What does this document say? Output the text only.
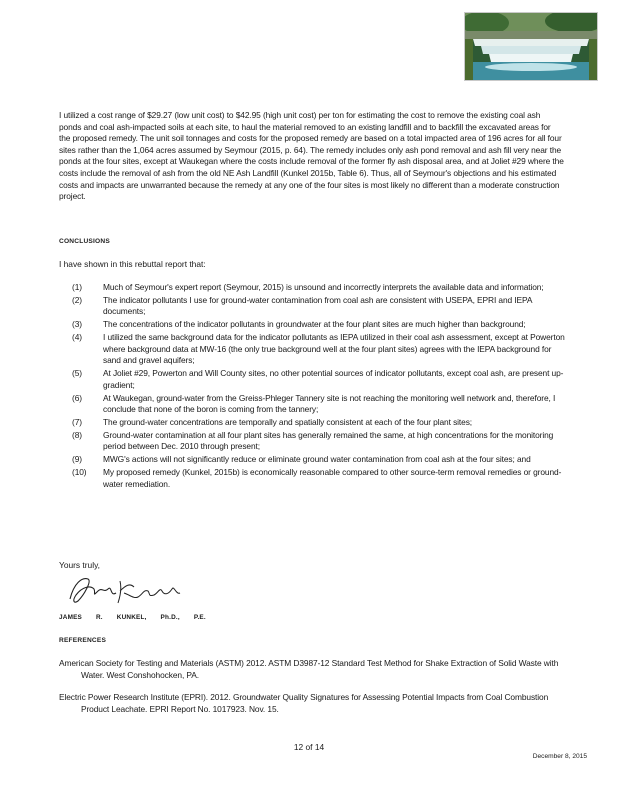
I utilized a cost range of $29.27 (low unit cost) to $42.95 (high unit cost) per ton for estimating the cost to remove the existing coal ash ponds and coal ash-impacted soils at each site, to haul the material removed to an existing landfill and to backfill the excavated areas for the proposed remedy. The unit soil tonnages and costs for the proposed remedy are based on a total impacted area of 196 acres for all four sites rather than the 1,064 acres assumed by Seymour (2015, p. 64). The remedy includes only ash pond removal and ash fill very near the ponds at the four sites, except at Waukegan where the costs include removal of the former fly ash disposal area, and at Joliet #29 where the costs include the removal of ash from the old NE Ash Landfill (Kunkel 2015b, Table 6). Thus, all of Seymour's objections and his estimated costs and impacts are unwarranted because the remedy at any one of the four sites is most likely no different than a moderate construction project.

CONCLUSIONS
I have shown in this rebuttal report that:
(1)	Much of Seymour's expert report (Seymour, 2015) is unsound and incorrectly interprets the available data and information;
(2)	The indicator pollutants I use for ground-water contamination from coal ash are consistent with USEPA, EPRI and IEPA documents;
(3)	The concentrations of the indicator pollutants in groundwater at the four plant sites are much higher than background;
(4)	I utilized the same background data for the indicator pollutants as IEPA utilized in their coal ash assessment, except at Powerton where background data at MW-16 (the only true background well at the four plant sites) agrees with the IEPA background for sand and gravel aquifers;
(5)	At Joliet #29, Powerton and Will County sites, no other potential sources of indicator pollutants, except coal ash, are present up-gradient;
(6)	At Waukegan, ground-water from the Greiss-Phleger Tannery site is not reaching the monitoring well network and, therefore, I conclude that none of the boron is coming from the tannery;
(7)	The ground-water concentrations are temporally and spatially consistent at each of the four plant sites;
(8)	Ground-water contamination at all four plant sites has generally remained the same, at high concentrations for the monitoring period between Dec. 2010 through present;
(9)	MWG's actions will not significantly reduce or eliminate ground water contamination from coal ash at the four sites; and
(10)	My proposed remedy (Kunkel, 2015b) is economically reasonable compared to other source-term removal remedies or ground-water remediation.
Yours truly,
JAMES R. KUNKEL, Ph.D., P.E.
REFERENCES

American Society for Testing and Materials (ASTM) 2012. ASTM D3987-12 Standard Test Method for Shake Extraction of Solid Waste with Water. West Conshohocken, PA.

Electric Power Research Institute (EPRI). 2012. Groundwater Quality Signatures for Assessing Potential Impacts from Coal Combustion Product Leachate. EPRI Report No. 1017923. Nov. 15.

12 of 14
December 8, 2015
